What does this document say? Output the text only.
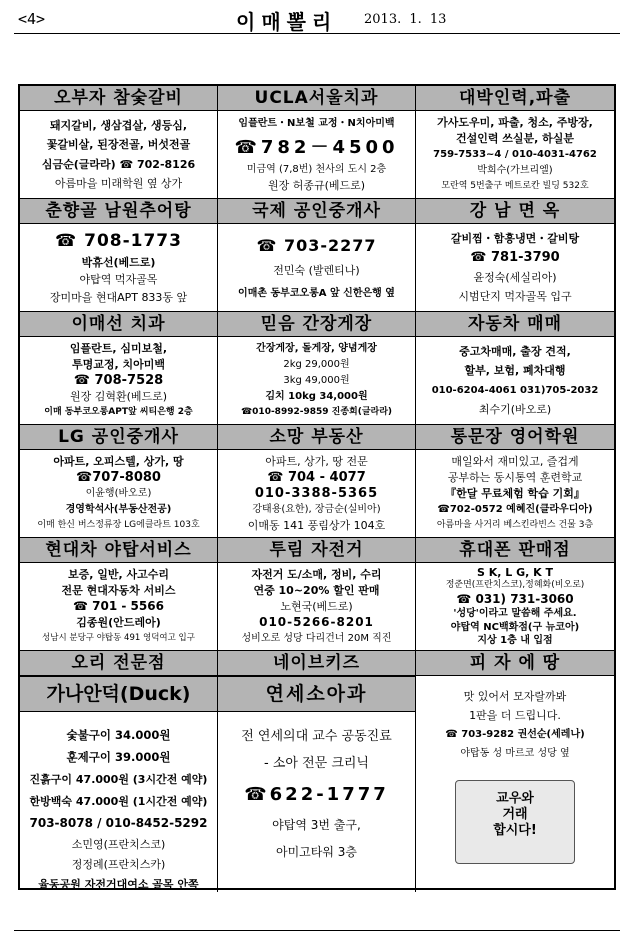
<4>	이매뽈리 2013. 1. 13
오부자 참숯갈비
돼지갈비, 생삼겹살, 생등심,
꽃갈비살, 된장전골, 버섯전골
심금순(글라라) ☎ 702-8126
아름마을 미래학원 옆 상가
UCLA서울치과
임플란트・N보철 교정・N치아미백
☎782－4500
미금역 (7,8번) 천사의 도시 2층
원장 허종규(베드로)
대박인력,파출
가사도우미, 파출, 청소, 주방장,
건설인력 쓰실분, 하실분
759-7533~4 / 010-4031-4762
박희수(가브리엘)
모란역 5번출구 메트로칸 빌딩 532호
춘향골 남원추어탕
☎ 708-1773
박휴선(베드로)
야탑역 먹자골목
장미마을 현대APT 833동 앞
국제 공인중개사
☎ 703-2277
전민숙 (발렌티나)
이매촌 동부코오롱A 앞 신한은행 옆
강 남 면 옥
갈비찜・함흥냉면・갈비탕
☎ 781-3790
윤정숙(세실리아)
시범단지 먹자골목 입구
이매선 치과
임플란트, 심미보철,
투명교정, 치아미백
☎ 708-7528
원장 김혁환(베드로)
이매 동부코오롱APT앞 씨티은행 2층
믿음 간장게장
간장게장, 돌게장, 양념게장
2kg 29,000원
3kg 49,000원
김치 10kg 34,000원
☎010-8992-9859 진종희(글라라)
자동차 매매
중고차매매, 출장 견적,
할부, 보험, 폐차대행
010-6204-4061 031)705-2032
최수기(바오로)
LG 공인중개사
아파트, 오피스텔, 상가, 땅
☎707-8080
이윤행(바오로)
경영학석사(부동산전공)
이매 한신 버스정류장 LG에클라트 103호
소망 부동산
아파트, 상가, 땅 전문
☎ 704 - 4077
010-3388-5365
강태용(요한), 장금순(실비아)
이매동 141 풍림상가 104호
통문장 영어학원
매일와서 재미있고, 즐겁게
공부하는 동시통역 훈련학교
『한달 무료체험 학습 기회』
☎702-0572 예혜진(클라우디아)
아름마을 사거리 베스킨라빈스 건물 3층
현대차 야탑서비스
보증, 일반, 사고수리
전문 현대자동차 서비스
☎ 701 - 5566
김종원(안드레아)
성남시 분당구 야탑동 491 영덕여고 입구
투림 자전거
자전거 도/소매, 정비, 수리
연중 10~20% 할인 판매
노현국(베드로)
010-5266-8201
성비오로 성당 다리건너 20M 직진
휴대폰 판매점
S K, L G, K T
정준면(프란치스코),정혜화(비오로)
☎ 031) 731-3060
'성당'이라고 말씀해 주세요.
야탑역 NC백화점(구 뉴코아)
지상 1층 내 입점
오리 전문점
가나안덕(Duck)
숯불구이 34.000원
훈제구이 39.000원
진흙구이 47.000원 (3시간전 예약)
한방백숙 47.000원 (1시간전 예약)
703-8078 / 010-8452-5292
소민영(프란치스코)
정정례(프란치스카)
율동공원 자전거대여소 골목 안쪽
네이브키즈
연세소아과
전 연세의대 교수 공동진료
- 소아 전문 크리닉
☎622-1777
야탑역 3번 출구,
아미고타워 3층
피 자 에 땅
맛 있어서 모자랄까봐
1판을 더 드립니다.
☎ 703-9282 권선순(세레나)
야탑동 성 마르코 성당 옆
교우와
거래
합시다!
